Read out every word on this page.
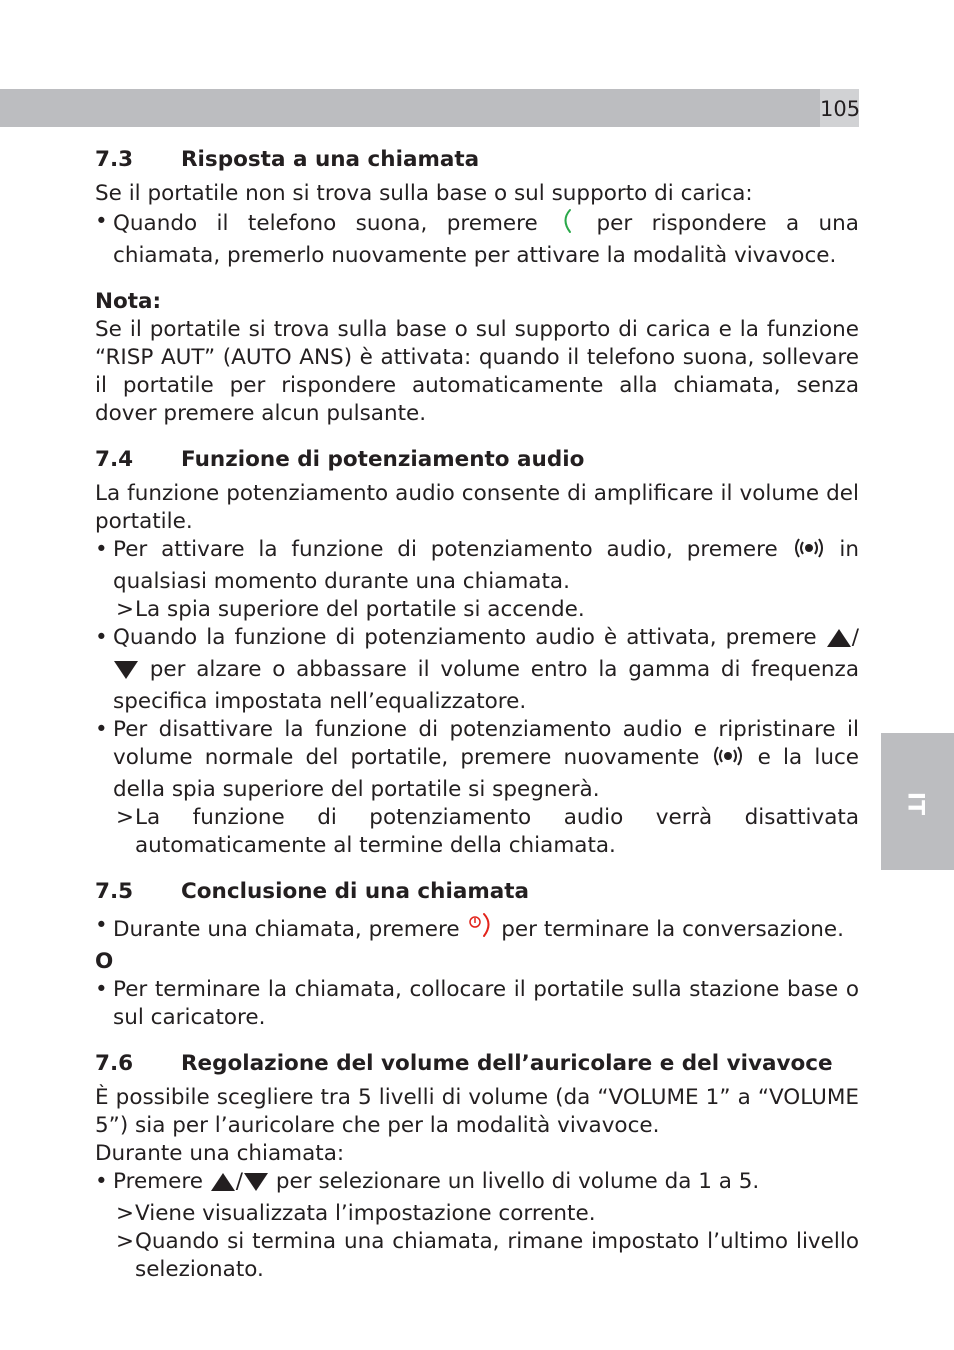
105
IT
7.3 Risposta a una chiamata

Se il portatile non si trova sulla base o sul supporto di carica:

• Quando il telefono suona, premere	per rispondere a una chiamata, premerlo nuovamente per attivare la modalità vivavoce.

Nota:

Se il portatile si trova sulla base o sul supporto di carica e la funzione “RISP AUT” (AUTO ANS) è attivata: quando il telefono suona, sollevare il portatile per rispondere automaticamente alla chiamata, senza dover premere alcun pulsante.

7.4 Funzione di potenziamento audio

La funzione potenziamento audio consente di amplificare il volume del portatile.

• Per attivare la funzione di potenziamento audio, premere	in qualsiasi momento durante una chiamata.
> La spia superiore del portatile si accende.
• Quando la funzione di potenziamento audio è attivata, premere / per alzare o abbassare il volume entro la gamma di frequenza specifica impostata nell’equalizzatore.
• Per disattivare la funzione di potenziamento audio e ripristinare il volume normale del portatile, premere nuovamente	e la luce della spia superiore del portatile si spegnerà.
> La funzione di potenziamento audio verrà disattivata automaticamente al termine della chiamata.
7.5 Conclusione di una chiamata
• Durante una chiamata, premere per terminare la conversazione.

O

• Per terminare la chiamata, collocare il portatile sulla stazione base o sul caricatore.
7.6 Regolazione del volume dell’auricolare e del vivavoce

È possibile scegliere tra 5 livelli di volume (da “VOLUME 1” a “VOLUME 5”) sia per l’auricolare che per la modalità vivavoce.

Durante una chiamata:

• Premere / per selezionare un livello di volume da 1 a 5.
> Viene visualizzata l’impostazione corrente.
> Quando si termina una chiamata, rimane impostato l’ultimo livello selezionato.
